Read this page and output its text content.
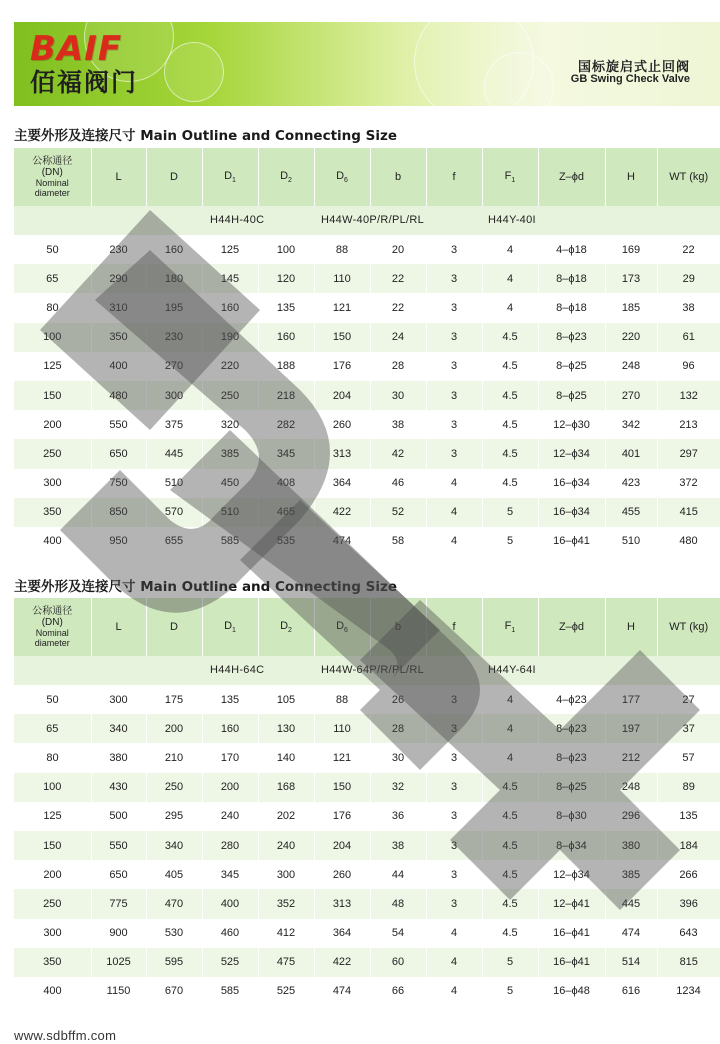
BAIF
佰福阀门
国标旋启式止回阀
GB Swing Check Valve
主要外形及连接尺寸 Main Outline and Connecting Size
公称通径
(DN)
Nominal
diameter	L	D	$D_1$	$D_2$	$D_6$	b	f	$F_1$	Z–ϕd	H	WT (kg)

H44H-40C H44W-40P/R/PL/RL H44Y-40I											

50	230	160	125	100	88	20	3	4	4–ϕ18	169	22
65	290	180	145	120	110	22	3	4	8–ϕ18	173	29
80	310	195	160	135	121	22	3	4	8–ϕ18	185	38
100	350	230	190	160	150	24	3	4.5	8–ϕ23	220	61
125	400	270	220	188	176	28	3	4.5	8–ϕ25	248	96
150	480	300	250	218	204	30	3	4.5	8–ϕ25	270	132
200	550	375	320	282	260	38	3	4.5	12–ϕ30	342	213
250	650	445	385	345	313	42	3	4.5	12–ϕ34	401	297
300	750	510	450	408	364	46	4	4.5	16–ϕ34	423	372
350	850	570	510	465	422	52	4	5	16–ϕ34	455	415
400	950	655	585	535	474	58	4	5	16–ϕ41	510	480
主要外形及连接尺寸 Main Outline and Connecting Size
公称通径
(DN)
Nominal
diameter	L	D	$D_1$	$D_2$	$D_6$	b	f	$F_1$	Z–ϕd	H	WT (kg)

H44H-64C H44W-64P/R/PL/RL H44Y-64I											

50	300	175	135	105	88	26	3	4	4–ϕ23	177	27
65	340	200	160	130	110	28	3	4	8–ϕ23	197	37
80	380	210	170	140	121	30	3	4	8–ϕ23	212	57
100	430	250	200	168	150	32	3	4.5	8–ϕ25	248	89
125	500	295	240	202	176	36	3	4.5	8–ϕ30	296	135
150	550	340	280	240	204	38	3	4.5	8–ϕ34	380	184
200	650	405	345	300	260	44	3	4.5	12–ϕ34	385	266
250	775	470	400	352	313	48	3	4.5	12–ϕ41	445	396
300	900	530	460	412	364	54	4	4.5	16–ϕ41	474	643
350	1025	595	525	475	422	60	4	5	16–ϕ41	514	815
400	1150	670	585	525	474	66	4	5	16–ϕ48	616	1234
www.sdbffm.com
